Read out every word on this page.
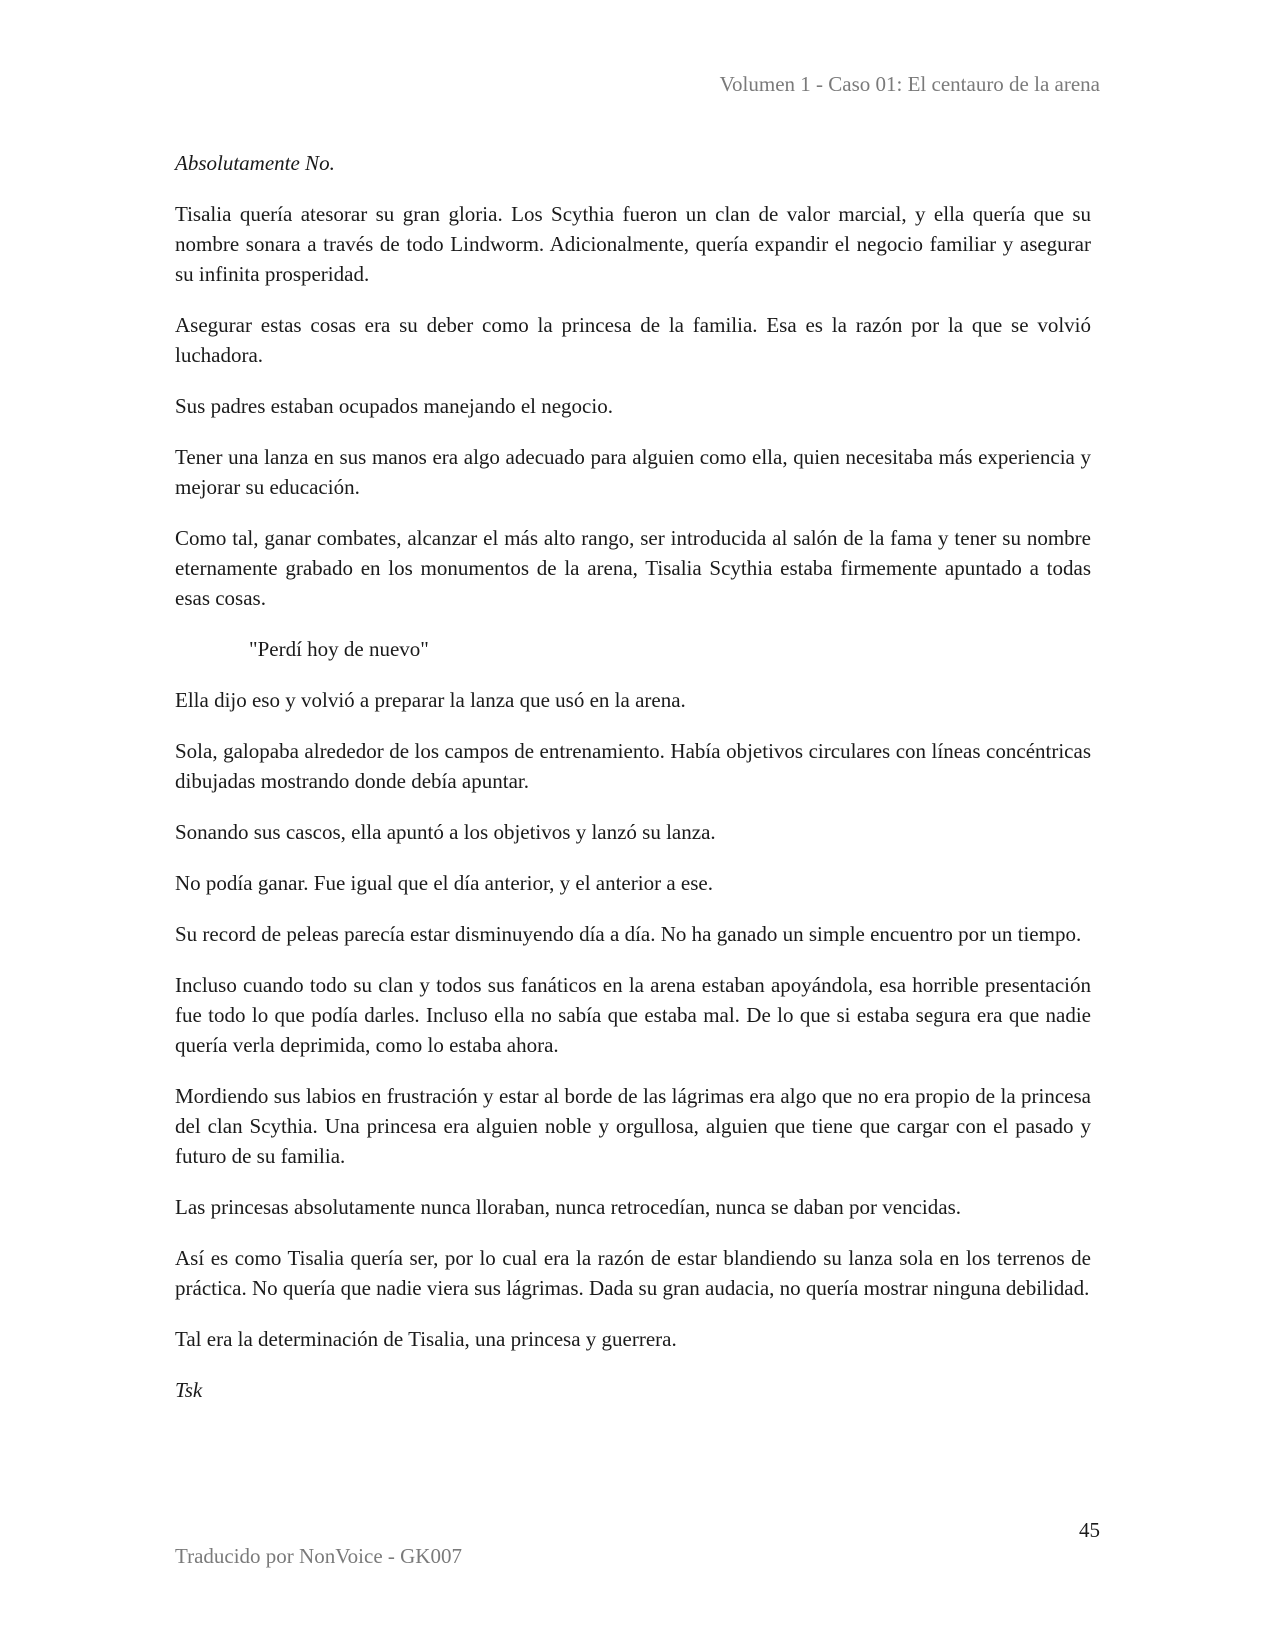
Volumen 1 - Caso 01: El centauro de la arena

Absolutamente No.

Tisalia quería atesorar su gran gloria. Los Scythia fueron un clan de valor marcial, y ella quería que su nombre sonara a través de todo Lindworm. Adicionalmente, quería expandir el negocio familiar y asegurar su infinita prosperidad.

Asegurar estas cosas era su deber como la princesa de la familia. Esa es la razón por la que se volvió luchadora.

Sus padres estaban ocupados manejando el negocio.

Tener una lanza en sus manos era algo adecuado para alguien como ella, quien necesitaba más experiencia y mejorar su educación.

Como tal, ganar combates, alcanzar el más alto rango, ser introducida al salón de la fama y tener su nombre eternamente grabado en los monumentos de la arena, Tisalia Scythia estaba firmemente apuntado a todas esas cosas.

"Perdí hoy de nuevo"

Ella dijo eso y volvió a preparar la lanza que usó en la arena.

Sola, galopaba alrededor de los campos de entrenamiento. Había objetivos circulares con líneas concéntricas dibujadas mostrando donde debía apuntar.

Sonando sus cascos, ella apuntó a los objetivos y lanzó su lanza.

No podía ganar. Fue igual que el día anterior, y el anterior a ese.

Su record de peleas parecía estar disminuyendo día a día. No ha ganado un simple encuentro por un tiempo.

Incluso cuando todo su clan y todos sus fanáticos en la arena estaban apoyándola, esa horrible presentación fue todo lo que podía darles. Incluso ella no sabía que estaba mal. De lo que si estaba segura era que nadie quería verla deprimida, como lo estaba ahora.

Mordiendo sus labios en frustración y estar al borde de las lágrimas era algo que no era propio de la princesa del clan Scythia. Una princesa era alguien noble y orgullosa, alguien que tiene que cargar con el pasado y futuro de su familia.

Las princesas absolutamente nunca lloraban, nunca retrocedían, nunca se daban por vencidas.

Así es como Tisalia quería ser, por lo cual era la razón de estar blandiendo su lanza sola en los terrenos de práctica. No quería que nadie viera sus lágrimas. Dada su gran audacia, no quería mostrar ninguna debilidad.

Tal era la determinación de Tisalia, una princesa y guerrera.

Tsk

45
Traducido por NonVoice - GK007
